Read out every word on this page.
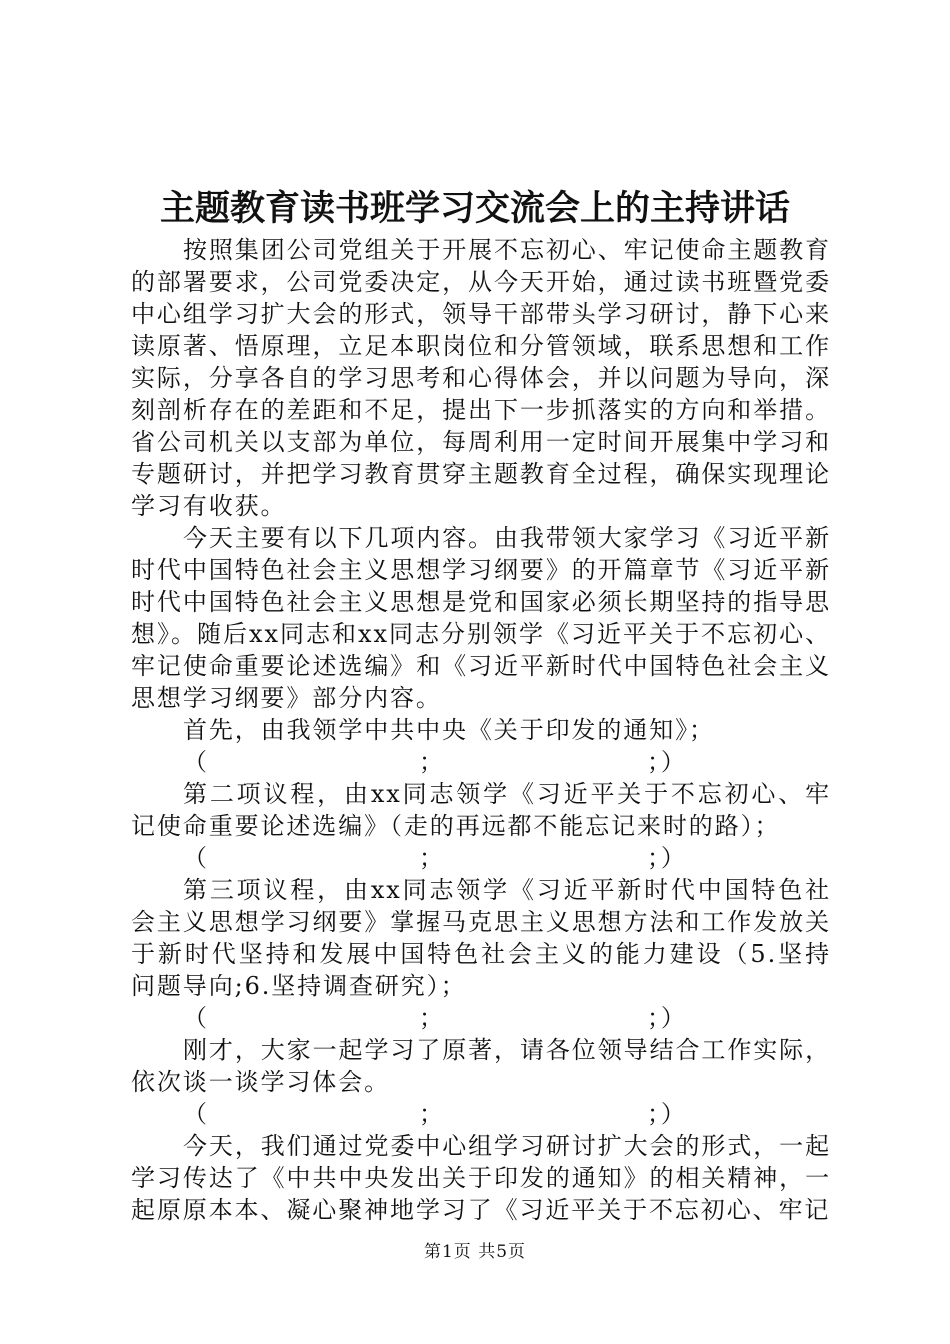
主题教育读书班学习交流会上的主持讲话

按照集团公司党组关于开展不忘初心、牢记使命主题教育的部署要求，公司党委决定，从今天开始，通过读书班暨党委中心组学习扩大会的形式，领导干部带头学习研讨，静下心来读原著、悟原理，立足本职岗位和分管领域，联系思想和工作实际，分享各自的学习思考和心得体会，并以问题为导向，深刻剖析存在的差距和不足，提出下一步抓落实的方向和举措。省公司机关以支部为单位，每周利用一定时间开展集中学习和专题研讨，并把学习教育贯穿主题教育全过程，确保实现理论学习有收获。

今天主要有以下几项内容。由我带领大家学习《习近平新时代中国特色社会主义思想学习纲要》的开篇章节《习近平新时代中国特色社会主义思想是党和国家必须长期坚持的指导思想》。随后xx同志和xx同志分别领学《习近平关于不忘初心、牢记使命重要论述选编》和《习近平新时代中国特色社会主义思想学习纲要》部分内容。

首先，由我领学中共中央《关于印发的通知》；

（	；	；）

第二项议程，由xx同志领学《习近平关于不忘初心、牢记使命重要论述选编》（走的再远都不能忘记来时的路）；

（	；	；）

第三项议程，由xx同志领学《习近平新时代中国特色社会主义思想学习纲要》掌握马克思主义思想方法和工作发放关于新时代坚持和发展中国特色社会主义的能力建设（5.坚持问题导向;6.坚持调查研究）；

（	；	；）

刚才，大家一起学习了原著，请各位领导结合工作实际，依次谈一谈学习体会。

（	；	；）

今天，我们通过党委中心组学习研讨扩大会的形式，一起学习传达了《中共中央发出关于印发的通知》的相关精神，一起原原本本、凝心聚神地学习了《习近平关于不忘初心、牢记

第1页 共5页
